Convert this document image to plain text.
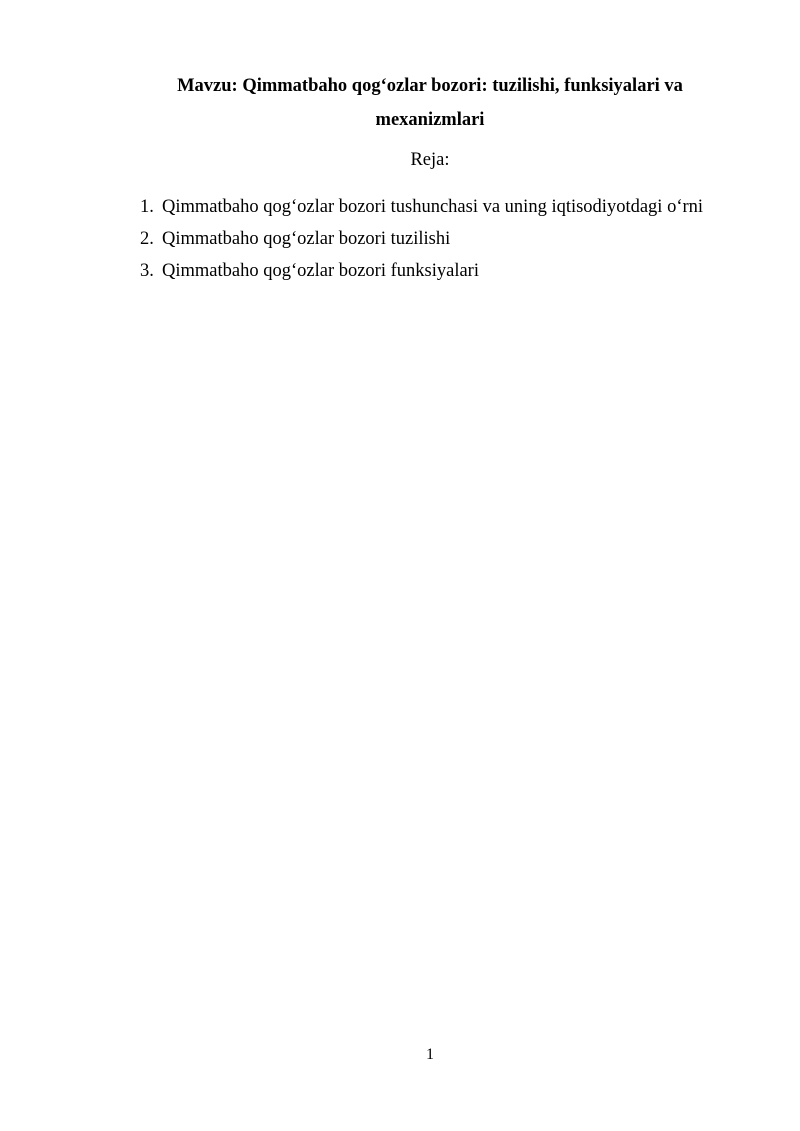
Mavzu: Qimmatbaho qog‘ozlar bozori: tuzilishi, funksiyalari va
mexanizmlari
Reja:
1. Qimmatbaho qog‘ozlar bozori tushunchasi va uning iqtisodiyotdagi o‘rni
2. Qimmatbaho qog‘ozlar bozori tuzilishi
3. Qimmatbaho qog‘ozlar bozori funksiyalari
1
